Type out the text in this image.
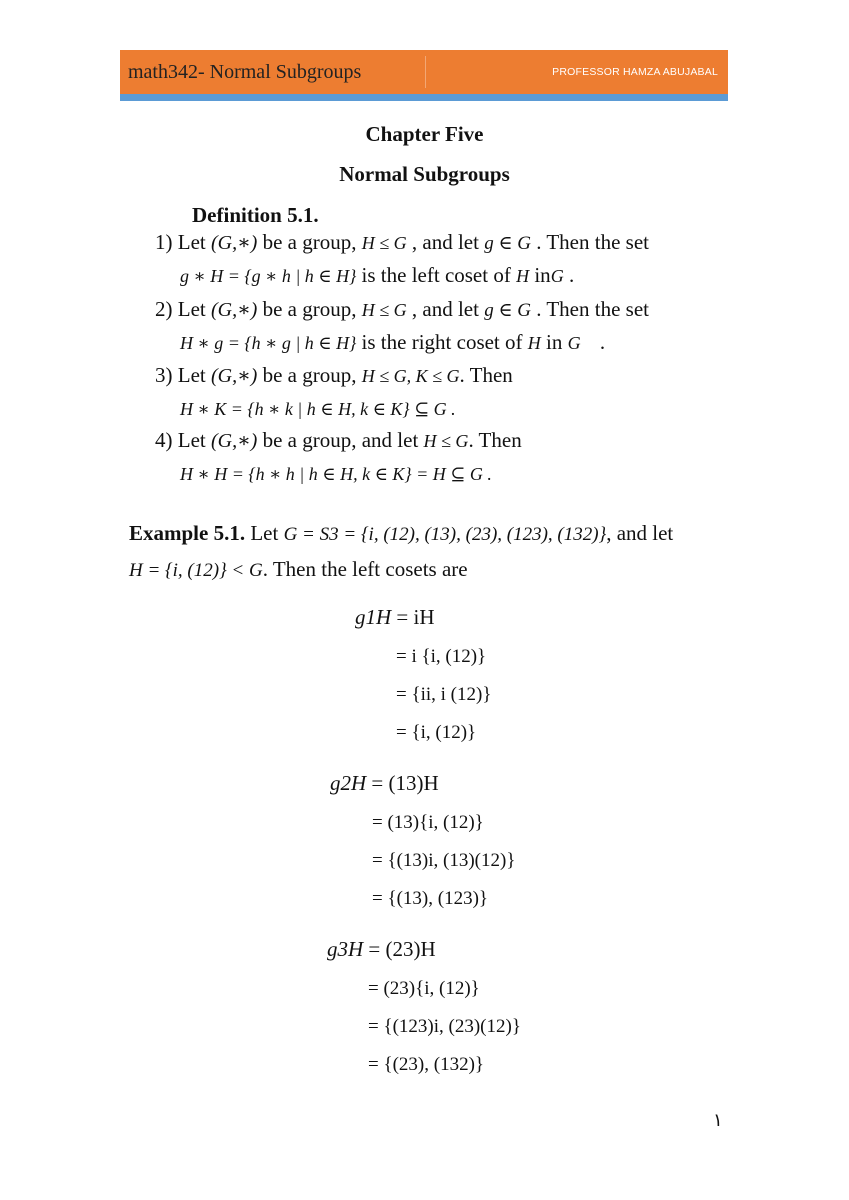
math342- Normal Subgroups	PROFESSOR HAMZA ABUJABAL
Chapter Five
Normal Subgroups
Definition 5.1.
1) Let (G,∗) be a group, H ≤ G , and let g ∈ G . Then the set
g ∗ H = {g ∗ h | h ∈ H} is the left coset of H inG .
2) Let (G,∗) be a group, H ≤ G , and let g ∈ G . Then the set
H ∗ g = {h ∗ g | h ∈ H} is the right coset of H in G .
3) Let (G,∗) be a group, H ≤ G, K ≤ G. Then
H ∗ K = {h ∗ k | h ∈ H, k ∈ K} ⊆ G .
4) Let (G,∗) be a group, and let H ≤ G. Then
H ∗ H = {h ∗ h | h ∈ H, k ∈ K} = H ⊆ G .
Example 5.1. Let G = S3 = {i, (12), (13), (23), (123), (132)}, and let
H = {i, (12)} < G. Then the left cosets are
g1H = iH
= i {i, (12)}
= {ii, i (12)}
= {i, (12)}
g2H = (13)H
= (13){i, (12)}
= {(13)i, (13)(12)}
= {(13), (123)}
g3H = (23)H
= (23){i, (12)}
= {(123)i, (23)(12)}
= {(23), (132)}
١
